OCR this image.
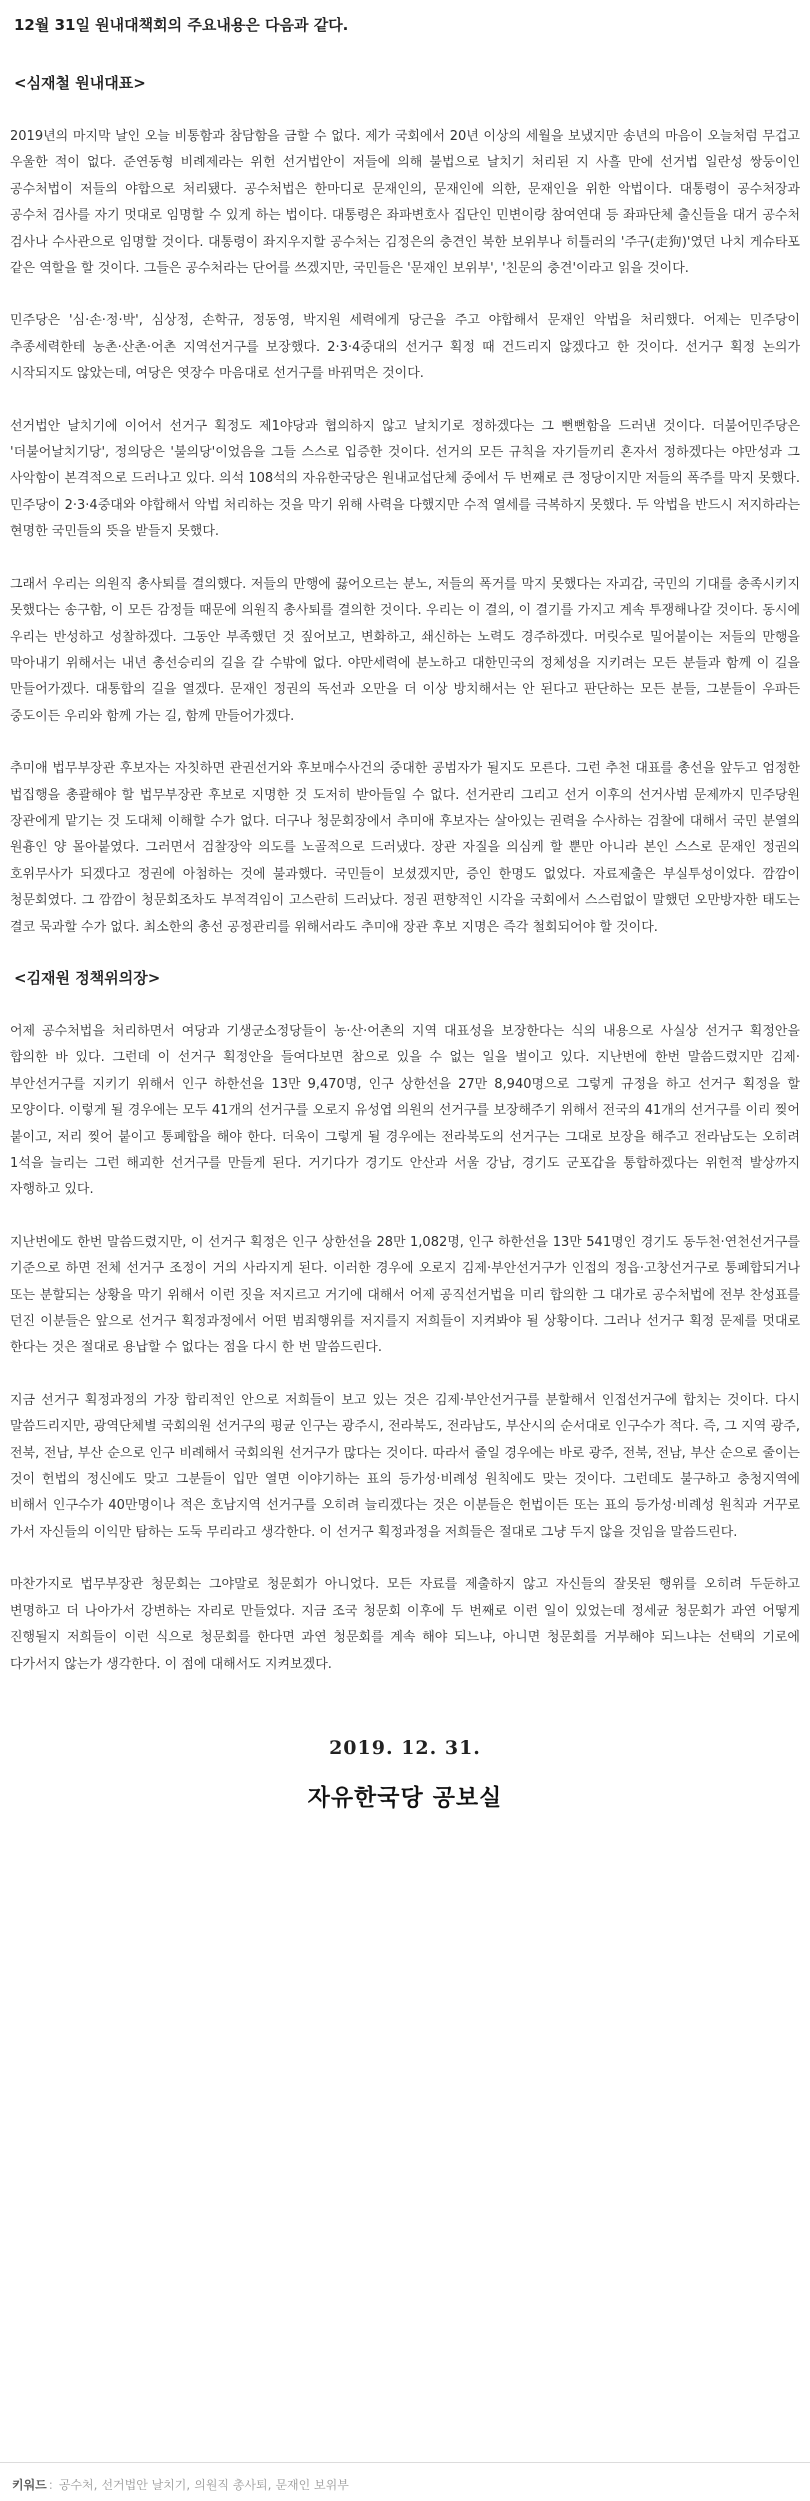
12월 31일 원내대책회의 주요내용은 다음과 같다.
<심재철 원내대표>

2019년의 마지막 날인 오늘 비통함과 참담함을 금할 수 없다. 제가 국회에서 20년 이상의 세월을 보냈지만 송년의 마음이 오늘처럼 무겁고 우울한 적이 없다. 준연동형 비례제라는 위헌 선거법안이 저들에 의해 불법으로 날치기 처리된 지 사흘 만에 선거법 일란성 쌍둥이인 공수처법이 저들의 야합으로 처리됐다. 공수처법은 한마디로 문재인의, 문재인에 의한, 문재인을 위한 악법이다. 대통령이 공수처장과 공수처 검사를 자기 멋대로 임명할 수 있게 하는 법이다. 대통령은 좌파변호사 집단인 민변이랑 참여연대 등 좌파단체 출신들을 대거 공수처 검사나 수사관으로 임명할 것이다. 대통령이 좌지우지할 공수처는 김정은의 충견인 북한 보위부나 히틀러의 '주구(走狗)'였던 나치 게슈타포 같은 역할을 할 것이다. 그들은 공수처라는 단어를 쓰겠지만, 국민들은 '문재인 보위부', '친문의 충견'이라고 읽을 것이다.

민주당은 '심·손·정·박', 심상정, 손학규, 정동영, 박지원 세력에게 당근을 주고 야합해서 문재인 악법을 처리했다. 어제는 민주당이 추종세력한테 농촌·산촌·어촌 지역선거구를 보장했다. 2·3·4중대의 선거구 획정 때 건드리지 않겠다고 한 것이다. 선거구 획정 논의가 시작되지도 않았는데, 여당은 엿장수 마음대로 선거구를 바꿔먹은 것이다.

선거법안 날치기에 이어서 선거구 획정도 제1야당과 협의하지 않고 날치기로 정하겠다는 그 뻔뻔함을 드러낸 것이다. 더불어민주당은 '더불어날치기당', 정의당은 '불의당'이었음을 그들 스스로 입증한 것이다. 선거의 모든 규칙을 자기들끼리 혼자서 정하겠다는 야만성과 그 사악함이 본격적으로 드러나고 있다. 의석 108석의 자유한국당은 원내교섭단체 중에서 두 번째로 큰 정당이지만 저들의 폭주를 막지 못했다. 민주당이 2·3·4중대와 야합해서 악법 처리하는 것을 막기 위해 사력을 다했지만 수적 열세를 극복하지 못했다. 두 악법을 반드시 저지하라는 현명한 국민들의 뜻을 받들지 못했다.

그래서 우리는 의원직 총사퇴를 결의했다. 저들의 만행에 끓어오르는 분노, 저들의 폭거를 막지 못했다는 자괴감, 국민의 기대를 충족시키지 못했다는 송구함, 이 모든 감정들 때문에 의원직 총사퇴를 결의한 것이다. 우리는 이 결의, 이 결기를 가지고 계속 투쟁해나갈 것이다. 동시에 우리는 반성하고 성찰하겠다. 그동안 부족했던 것 짚어보고, 변화하고, 쇄신하는 노력도 경주하겠다. 머릿수로 밀어붙이는 저들의 만행을 막아내기 위해서는 내년 총선승리의 길을 갈 수밖에 없다. 야만세력에 분노하고 대한민국의 정체성을 지키려는 모든 분들과 함께 이 길을 만들어가겠다. 대통합의 길을 열겠다. 문재인 정권의 독선과 오만을 더 이상 방치해서는 안 된다고 판단하는 모든 분들, 그분들이 우파든 중도이든 우리와 함께 가는 길, 함께 만들어가겠다.

추미애 법무부장관 후보자는 자칫하면 관권선거와 후보매수사건의 중대한 공범자가 될지도 모른다. 그런 추천 대표를 총선을 앞두고 엄정한 법집행을 총괄해야 할 법무부장관 후보로 지명한 것 도저히 받아들일 수 없다. 선거관리 그리고 선거 이후의 선거사범 문제까지 민주당원 장관에게 맡기는 것 도대체 이해할 수가 없다. 더구나 청문회장에서 추미애 후보자는 살아있는 권력을 수사하는 검찰에 대해서 국민 분열의 원흉인 양 몰아붙였다. 그러면서 검찰장악 의도를 노골적으로 드러냈다. 장관 자질을 의심케 할 뿐만 아니라 본인 스스로 문재인 정권의 호위무사가 되겠다고 정권에 아첨하는 것에 불과했다. 국민들이 보셨겠지만, 증인 한명도 없었다. 자료제출은 부실투성이었다. 깜깜이 청문회였다. 그 깜깜이 청문회조차도 부적격임이 고스란히 드러났다. 정권 편향적인 시각을 국회에서 스스럼없이 말했던 오만방자한 태도는 결코 묵과할 수가 없다. 최소한의 총선 공정관리를 위해서라도 추미애 장관 후보 지명은 즉각 철회되어야 할 것이다.

<김재원 정책위의장>

어제 공수처법을 처리하면서 여당과 기생군소정당들이 농·산·어촌의 지역 대표성을 보장한다는 식의 내용으로 사실상 선거구 획정안을 합의한 바 있다. 그런데 이 선거구 획정안을 들여다보면 참으로 있을 수 없는 일을 벌이고 있다. 지난번에 한번 말씀드렸지만 김제·부안선거구를 지키기 위해서 인구 하한선을 13만 9,470명, 인구 상한선을 27만 8,940명으로 그렇게 규정을 하고 선거구 획정을 할 모양이다. 이렇게 될 경우에는 모두 41개의 선거구를 오로지 유성엽 의원의 선거구를 보장해주기 위해서 전국의 41개의 선거구를 이리 찢어 붙이고, 저리 찢어 붙이고 통폐합을 해야 한다. 더욱이 그렇게 될 경우에는 전라북도의 선거구는 그대로 보장을 해주고 전라남도는 오히려 1석을 늘리는 그런 해괴한 선거구를 만들게 된다. 거기다가 경기도 안산과 서울 강남, 경기도 군포갑을 통합하겠다는 위헌적 발상까지 자행하고 있다.

지난번에도 한번 말씀드렸지만, 이 선거구 획정은 인구 상한선을 28만 1,082명, 인구 하한선을 13만 541명인 경기도 동두천·연천선거구를 기준으로 하면 전체 선거구 조정이 거의 사라지게 된다. 이러한 경우에 오로지 김제·부안선거구가 인접의 정읍·고창선거구로 통폐합되거나 또는 분할되는 상황을 막기 위해서 이런 짓을 저지르고 거기에 대해서 어제 공직선거법을 미리 합의한 그 대가로 공수처법에 전부 찬성표를 던진 이분들은 앞으로 선거구 획정과정에서 어떤 범죄행위를 저지를지 저희들이 지켜봐야 될 상황이다. 그러나 선거구 획정 문제를 멋대로 한다는 것은 절대로 용납할 수 없다는 점을 다시 한 번 말씀드린다.

지금 선거구 획정과정의 가장 합리적인 안으로 저희들이 보고 있는 것은 김제·부안선거구를 분할해서 인접선거구에 합치는 것이다. 다시 말씀드리지만, 광역단체별 국회의원 선거구의 평균 인구는 광주시, 전라북도, 전라남도, 부산시의 순서대로 인구수가 적다. 즉, 그 지역 광주, 전북, 전남, 부산 순으로 인구 비례해서 국회의원 선거구가 많다는 것이다. 따라서 줄일 경우에는 바로 광주, 전북, 전남, 부산 순으로 줄이는 것이 헌법의 정신에도 맞고 그분들이 입만 열면 이야기하는 표의 등가성·비례성 원칙에도 맞는 것이다. 그런데도 불구하고 충청지역에 비해서 인구수가 40만명이나 적은 호남지역 선거구를 오히려 늘리겠다는 것은 이분들은 헌법이든 또는 표의 등가성·비례성 원칙과 거꾸로 가서 자신들의 이익만 탐하는 도둑 무리라고 생각한다. 이 선거구 획정과정을 저희들은 절대로 그냥 두지 않을 것임을 말씀드린다.

마찬가지로 법무부장관 청문회는 그야말로 청문회가 아니었다. 모든 자료를 제출하지 않고 자신들의 잘못된 행위를 오히려 두둔하고 변명하고 더 나아가서 강변하는 자리로 만들었다. 지금 조국 청문회 이후에 두 번째로 이런 일이 있었는데 정세균 청문회가 과연 어떻게 진행될지 저희들이 이런 식으로 청문회를 한다면 과연 청문회를 계속 해야 되느냐, 아니면 청문회를 거부해야 되느냐는 선택의 기로에 다가서지 않는가 생각한다. 이 점에 대해서도 지켜보겠다.

2019. 12. 31.
자유한국당 공보실
키워드 : 공수처, 선거법안 날치기, 의원직 총사퇴, 문재인 보위부
